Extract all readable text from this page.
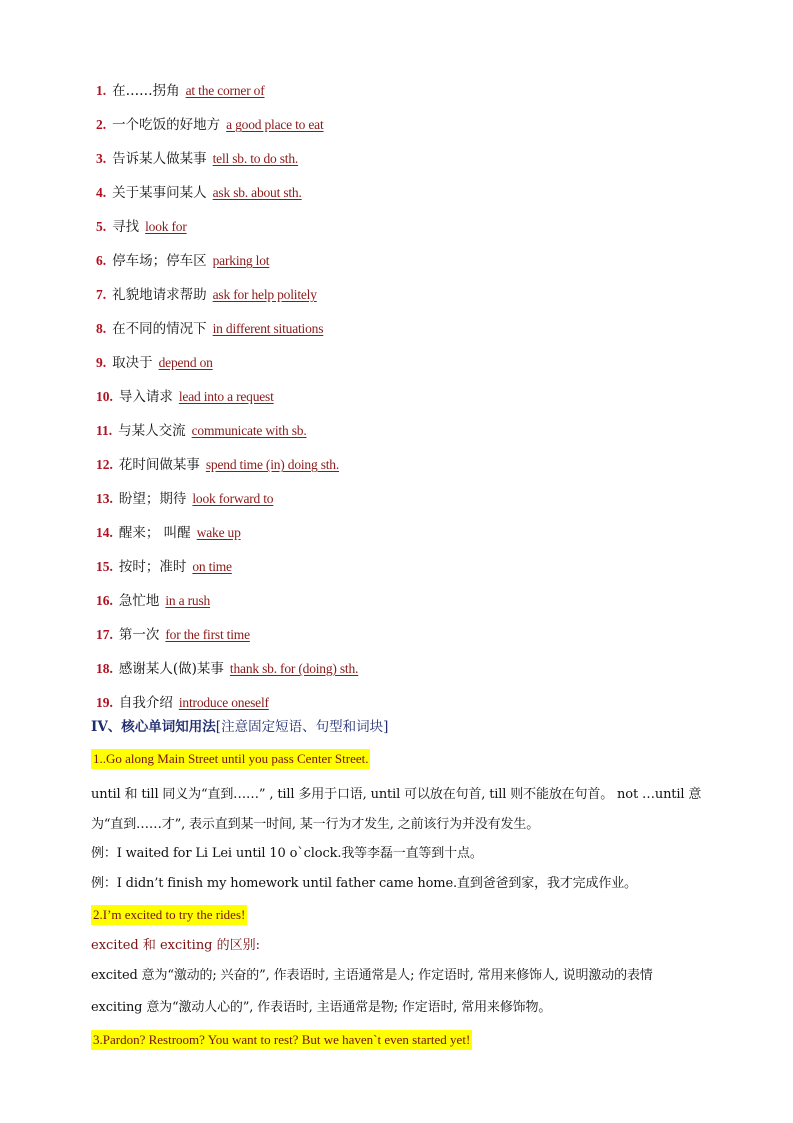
1. 在……拐角 at the corner of
2. 一个吃饭的好地方 a good place to eat
3. 告诉某人做某事 tell sb. to do sth.
4. 关于某事问某人 ask sb. about sth.
5. 寻找 look for
6. 停车场；停车区 parking lot
7. 礼貌地请求帮助 ask for help politely
8. 在不同的情况下 in different situations
9. 取决于 depend on
10. 导入请求 lead into a request
11. 与某人交流 communicate with sb.
12. 花时间做某事 spend time (in) doing sth.
13. 盼望；期待 look forward to
14. 醒来； 叫醒 wake up
15. 按时；准时 on time
16. 急忙地 in a rush
17. 第一次 for the first time
18. 感谢某人(做)某事 thank sb. for (doing) sth.
19. 自我介绍 introduce oneself
IV、核心单词知用法[注意固定短语、句型和词块]
1..Go along Main Street until you pass Center Street.
until 和 till 同义为“直到……” , till 多用于口语, until 可以放在句首, till 则不能放在句首。 not …until 意为“直到……才”, 表示直到某一时间, 某一行为才发生, 之前该行为并没有发生。
例：I waited for Li Lei until 10 o`clock.我等李磊一直等到十点。
例：I didn’t finish my homework until father came home.直到爸爸到家，我才完成作业。
2.I’m excited to try the rides!
excited 和 exciting 的区别:
excited 意为“激动的; 兴奋的”, 作表语时, 主语通常是人; 作定语时, 常用来修饰人, 说明激动的表情
exciting 意为“激动人心的”, 作表语时, 主语通常是物; 作定语时, 常用来修饰物。
3.Pardon? Restroom? You want to rest? But we haven`t even started yet!
